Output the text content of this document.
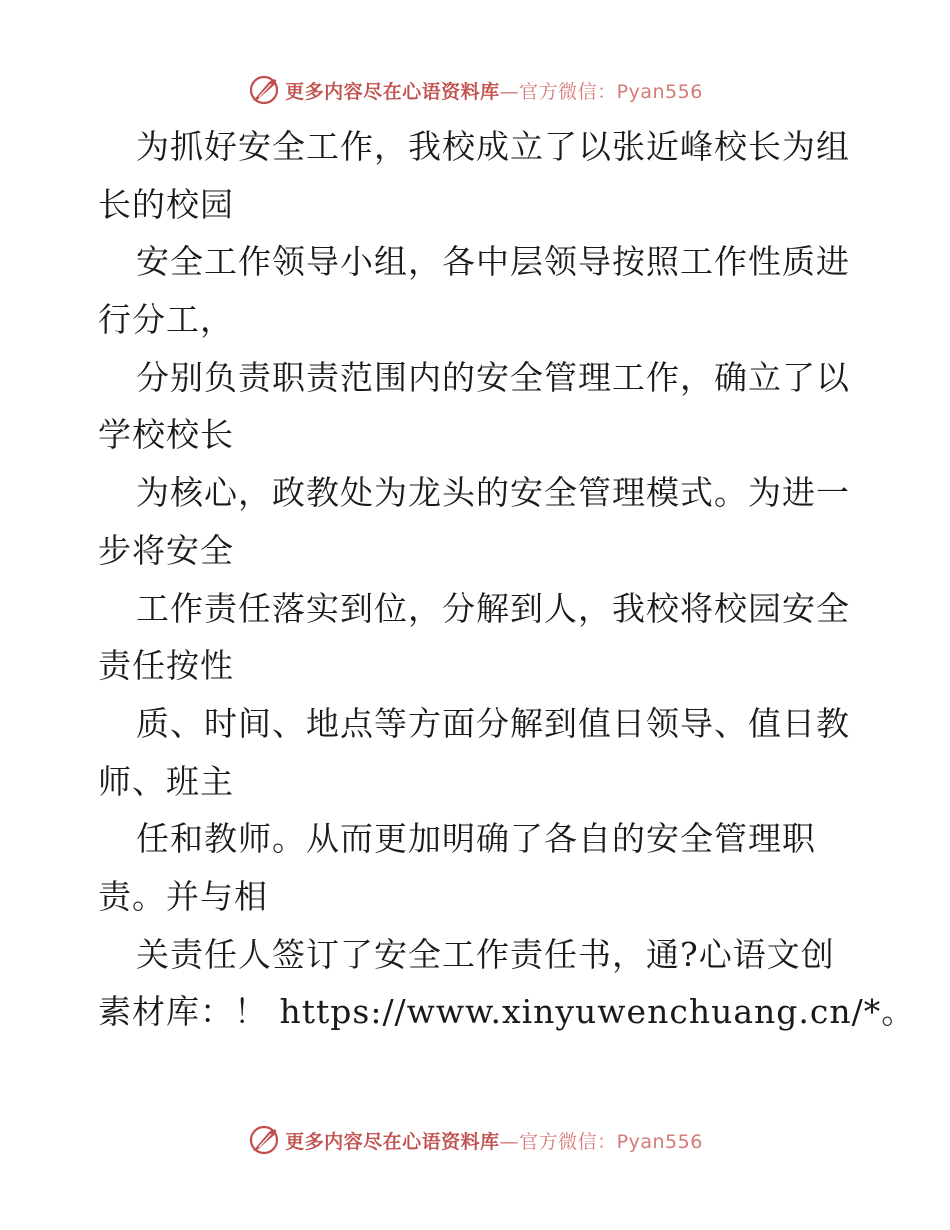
更多内容尽在心语资料库—官方微信：Pyan556
为抓好安全工作，我校成立了以张近峰校长为组
长的校园
安全工作领导小组，各中层领导按照工作性质进
行分工，
分别负责职责范围内的安全管理工作，确立了以
学校校长
为核心，政教处为龙头的安全管理模式。为进一
步将安全
工作责任落实到位，分解到人，我校将校园安全
责任按性
质、时间、地点等方面分解到值日领导、值日教
师、班主
任和教师。从而更加明确了各自的安全管理职
责。并与相
关责任人签订了安全工作责任书，通?心语文创
素材库：！ https://www.xinyuwenchuang.cn/*。
更多内容尽在心语资料库—官方微信：Pyan556
